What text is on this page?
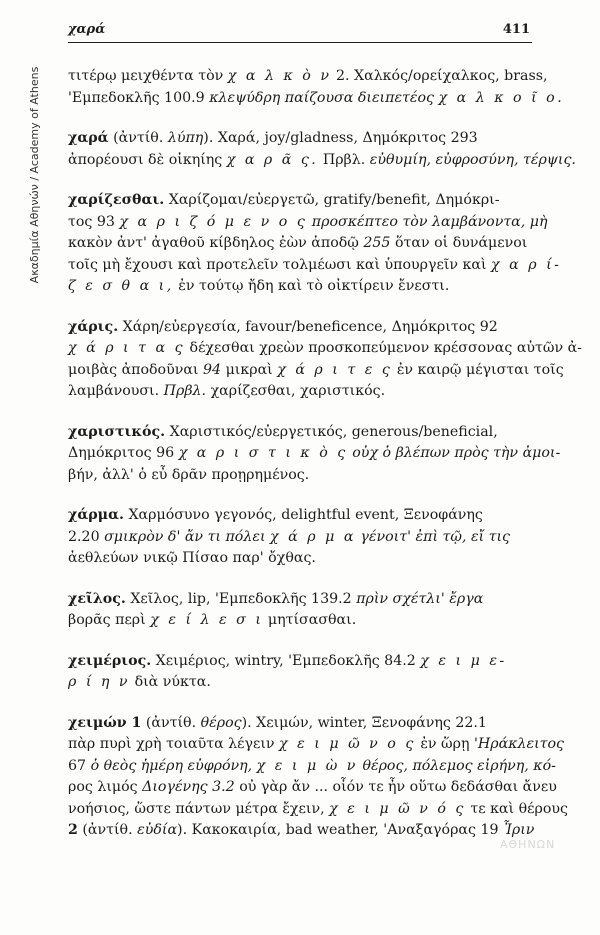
χαρά	411
Ακαδημία Αθηνών / Academy of Athens τιτέρῳ μειχθέντα τὸν χ α λ κ ὸ ν 2. Χαλκός/ορείχαλκος, brass,
'Εμπεδοκλῆς 100.9 κλεψύδρη παίζουσα διειπετέος χ α λ κ ο ῖ ο.
χαρά (ἀντίθ. λύπη). Χαρά, joy/gladness, Δημόκριτος 293
ἀπορέουσι δὲ οἰκηίης χ α ρ ᾶ ς. Πρβλ. εὐθυμίη, εὐφροσύνη, τέρψις.
χαρίζεσθαι. Χαρίζομαι/εὐεργετῶ, gratify/benefit, Δημόκρι-
τος 93 χ α ρ ι ζ ό μ ε ν ο ς προσκέπτεο τὸν λαμβάνοντα, μὴ
κακὸν ἀντ' ἀγαθοῦ κίβδηλος ἐὼν ἀποδῷ 255 ὅταν οἱ δυνάμενοι
τοῖς μὴ ἔχουσι καὶ προτελεῖν τολμέωσι καὶ ὑπουργεῖν καὶ χ α ρ ί-
ζ ε σ θ α ι, ἐν τούτῳ ἤδη καὶ τὸ οἰκτίρειν ἔνεστι.
χάρις. Χάρη/εὐεργεσία, favour/beneficence, Δημόκριτος 92
χ ά ρ ι τ α ς δέχεσθαι χρεὼν προσκοπεύμενον κρέσσονας αὐτῶν ἀ-
μοιβὰς ἀποδοῦναι 94 μικραὶ χ ά ρ ι τ ε ς ἐν καιρῷ μέγισται τοῖς
λαμβάνουσι. Πρβλ. χαρίζεσθαι, χαριστικός.
χαριστικός. Χαριστικός/εὐεργετικός, generous/beneficial,
Δημόκριτος 96 χ α ρ ι σ τ ι κ ὸ ς οὐχ ὁ βλέπων πρὸς τὴν ἀμοι-
βήν, ἀλλ' ὁ εὖ δρᾶν προῃρημένος.
χάρμα. Χαρμόσυνο γεγονός, delightful event, Ξενοφάνης
2.20 σμικρὸν δ' ἄν τι πόλει χ ά ρ μ α γένοιτ' ἐπὶ τῷ, εἴ τις
ἀεθλεύων νικῷ Πίσαο παρ' ὄχθας.
χεῖλος. Χεῖλος, lip, 'Εμπεδοκλῆς 139.2 πρὶν σχέτλι' ἔργα
βορᾶς περὶ χ ε ί λ ε σ ι μητίσασθαι.
χειμέριος. Χειμέριος, wintry, 'Εμπεδοκλῆς 84.2 χ ε ι μ ε-
ρ ί η ν διὰ νύκτα.
χειμών 1 (ἀντίθ. θέρος). Χειμών, winter, Ξενοφάνης 22.1
πὰρ πυρὶ χρὴ τοιαῦτα λέγειν χ ε ι μ ῶ ν ο ς ἐν ὥρῃ 'Ηράκλειτος
67 ὁ θεὸς ἡμέρη εὐφρόνη, χ ε ι μ ὼ ν θέρος, πόλεμος εἰρήνη, κό-
ρος λιμός Διογένης 3.2 οὐ γὰρ ἄν ... οἷόν τε ἦν οὕτω δεδάσθαι ἄνευ
νοήσιος, ὥστε πάντων μέτρα ἔχειν, χ ε ι μ ῶ ν ό ς τε καὶ θέρους
2 (ἀντίθ. εὐδία). Κακοκαιρία, bad weather, 'Αναξαγόρας 19 Ἶριν
ΑΘΗΝΩΝ
